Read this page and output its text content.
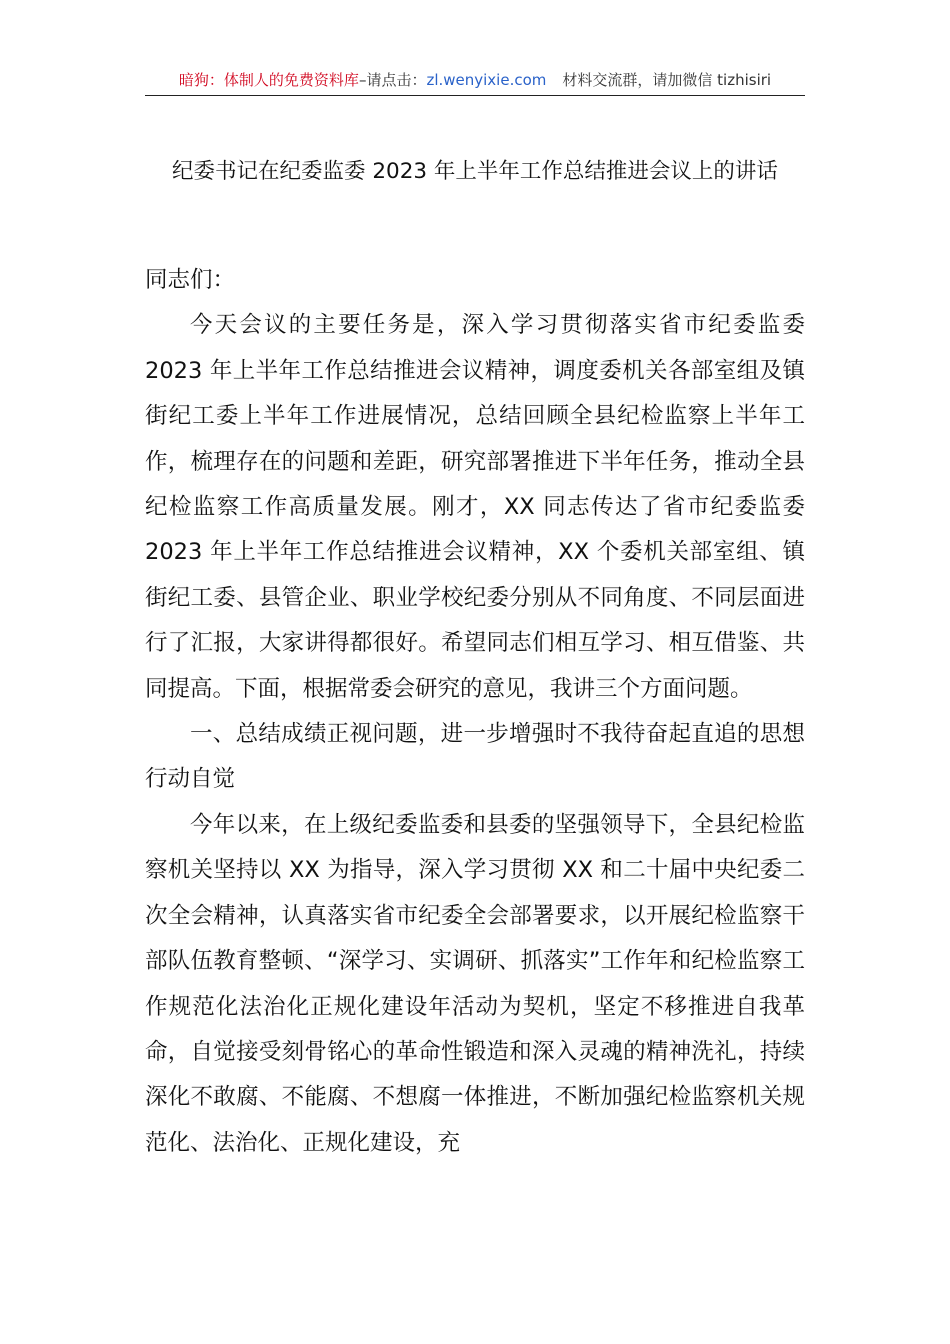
暗狗：体制人的免费资料库–请点击：zl.wenyixie.com 材料交流群，请加微信 tizhisiri
纪委书记在纪委监委 2023 年上半年工作总结推进会议上的讲话

同志们：

今天会议的主要任务是，深入学习贯彻落实省市纪委监委 2023 年上半年工作总结推进会议精神，调度委机关各部室组及镇街纪工委上半年工作进展情况，总结回顾全县纪检监察上半年工作，梳理存在的问题和差距，研究部署推进下半年任务，推动全县纪检监察工作高质量发展。刚才，XX 同志传达了省市纪委监委 2023 年上半年工作总结推进会议精神，XX 个委机关部室组、镇街纪工委、县管企业、职业学校纪委分别从不同角度、不同层面进行了汇报，大家讲得都很好。希望同志们相互学习、相互借鉴、共同提高。下面，根据常委会研究的意见，我讲三个方面问题。

一、总结成绩正视问题，进一步增强时不我待奋起直追的思想行动自觉

今年以来，在上级纪委监委和县委的坚强领导下，全县纪检监察机关坚持以 XX 为指导，深入学习贯彻 XX 和二十届中央纪委二次全会精神，认真落实省市纪委全会部署要求，以开展纪检监察干部队伍教育整顿、“深学习、实调研、抓落实”工作年和纪检监察工作规范化法治化正规化建设年活动为契机，坚定不移推进自我革命，自觉接受刻骨铭心的革命性锻造和深入灵魂的精神洗礼，持续深化不敢腐、不能腐、不想腐一体推进，不断加强纪检监察机关规范化、法治化、正规化建设，充
